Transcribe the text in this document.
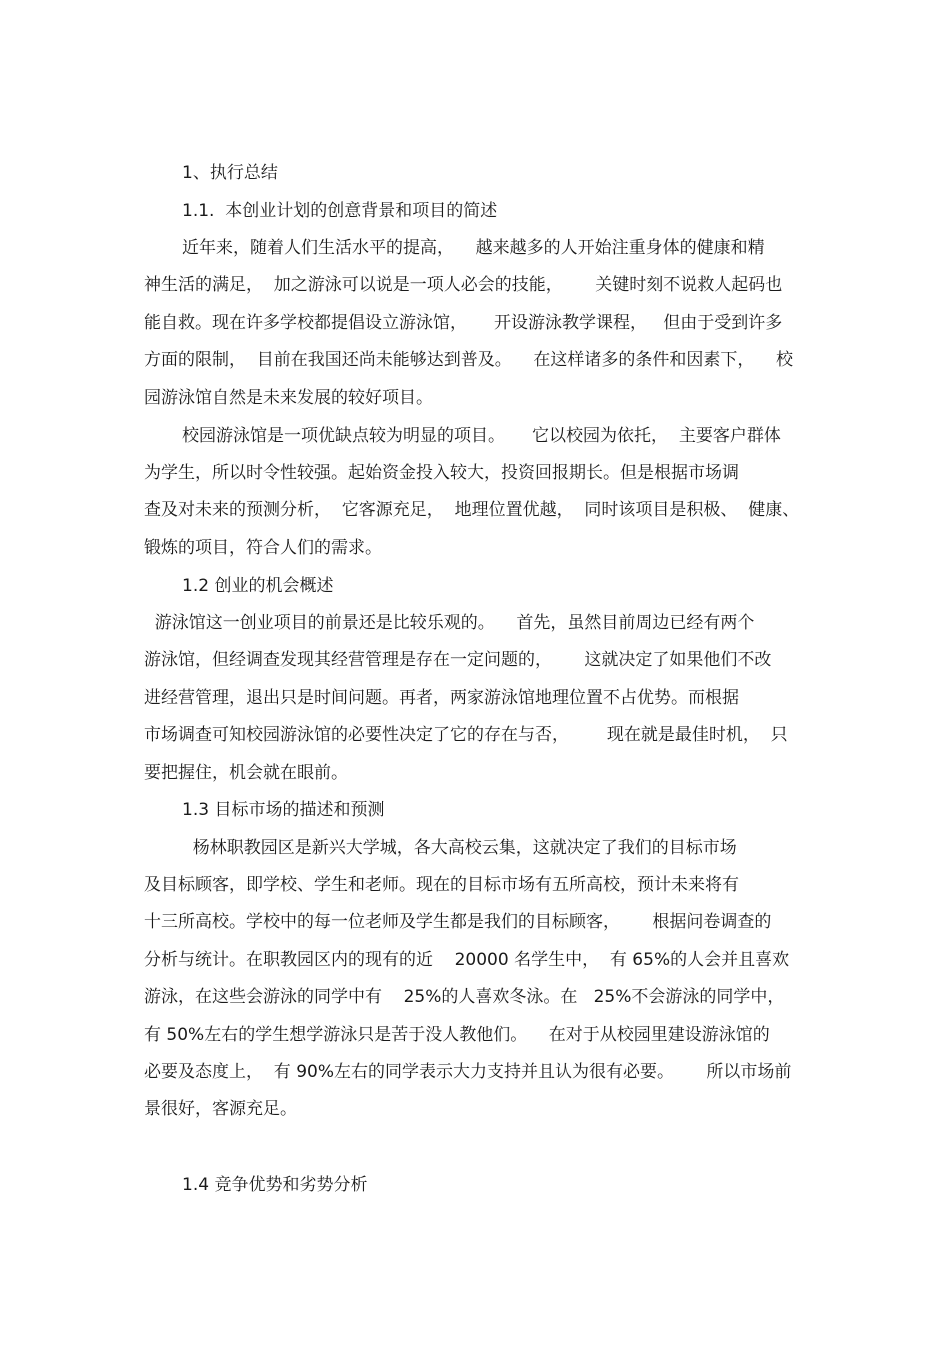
1、执行总结

1.1.  本创业计划的创意背景和项目的简述

近年来，随着人们生活水平的提高，    越来越多的人开始注重身体的健康和精

神生活的满足，  加之游泳可以说是一项人必会的技能，      关键时刻不说救人起码也

能自救。现在许多学校都提倡设立游泳馆，     开设游泳教学课程，   但由于受到许多

方面的限制，  目前在我国还尚未能够达到普及。    在这样诸多的条件和因素下，    校

园游泳馆自然是未来发展的较好项目。

校园游泳馆是一项优缺点较为明显的项目。     它以校园为依托，  主要客户群体

为学生，所以时令性较强。起始资金投入较大，投资回报期长。但是根据市场调

查及对未来的预测分析，  它客源充足，  地理位置优越，  同时该项目是积极、  健康、

锻炼的项目，符合人们的需求。

1.2 创业的机会概述

游泳馆这一创业项目的前景还是比较乐观的。    首先，虽然目前周边已经有两个

游泳馆，但经调查发现其经营管理是存在一定问题的，      这就决定了如果他们不改

进经营管理，退出只是时间问题。再者，两家游泳馆地理位置不占优势。而根据

市场调查可知校园游泳馆的必要性决定了它的存在与否，       现在就是最佳时机，  只

要把握住，机会就在眼前。

1.3 目标市场的描述和预测

杨林职教园区是新兴大学城，各大高校云集，这就决定了我们的目标市场

及目标顾客，即学校、学生和老师。现在的目标市场有五所高校，预计未来将有

十三所高校。学校中的每一位老师及学生都是我们的目标顾客，      根据问卷调查的

分析与统计。在职教园区内的现有的近    20000 名学生中，  有 65%的人会并且喜欢

游泳，在这些会游泳的同学中有    25%的人喜欢冬泳。在   25%不会游泳的同学中，

有 50%左右的学生想学游泳只是苦于没人教他们。    在对于从校园里建设游泳馆的

必要及态度上，  有 90%左右的同学表示大力支持并且认为很有必要。      所以市场前

景很好，客源充足。

1.4 竞争优势和劣势分析
